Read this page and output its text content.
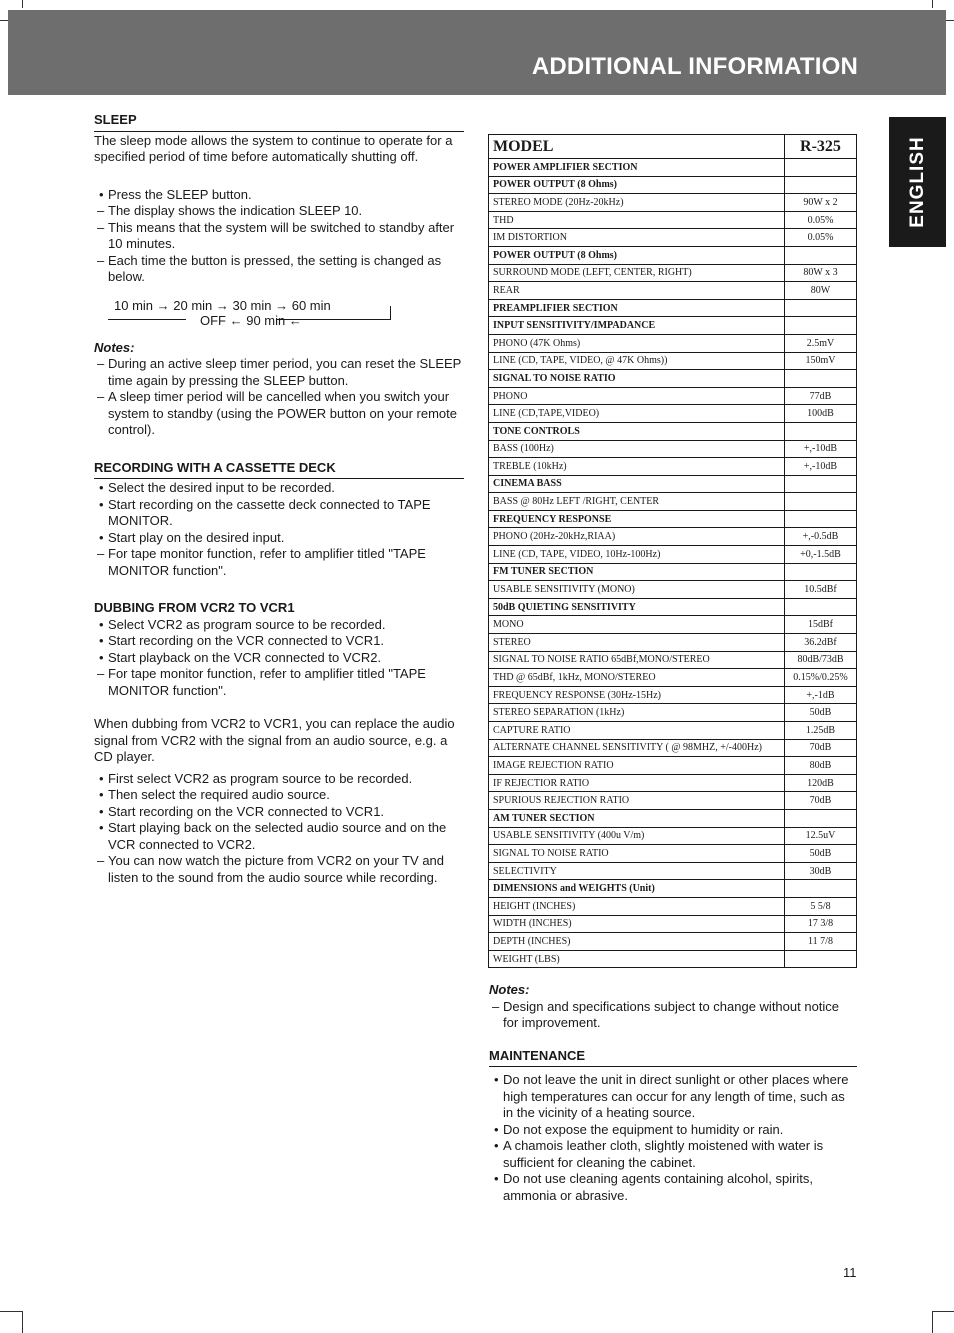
ADDITIONAL INFORMATION
ENGLISH
SLEEP

The sleep mode allows the system to continue to operate for a specified period of time before automatically shutting off.

• Press the SLEEP button.
– The display shows the indication SLEEP 10.
– This means that the system will be switched to standby after 10 minutes.
– Each time the button is pressed, the setting is changed as below.
10 min → 20 min → 30 min → 60 min
OFF ← 90 min ←
Notes:
– During an active sleep timer period, you can reset the SLEEP time again by pressing the SLEEP button.
– A sleep timer period will be cancelled when you switch your system to standby (using the POWER button on your remote control).
RECORDING WITH A CASSETTE DECK
• Select the desired input to be recorded.
• Start recording on the cassette deck connected to TAPE MONITOR.
• Start play on the desired input.
– For tape monitor function, refer to amplifier titled "TAPE MONITOR function".
DUBBING FROM VCR2 TO VCR1
• Select VCR2 as program source to be recorded.
• Start recording on the VCR connected to VCR1.
• Start playback on the VCR connected to VCR2.
– For tape monitor function, refer to amplifier titled "TAPE MONITOR function".

When dubbing from VCR2 to VCR1, you can replace the audio signal from VCR2 with the signal from an audio source, e.g. a CD player.

• First select VCR2 as program source to be recorded.
• Then select the required audio source.
• Start recording on the VCR connected to VCR1.
• Start playing back on the selected audio source and on the VCR connected to VCR2.
– You can now watch the picture from VCR2 on your TV and listen to the sound from the audio source while recording.
MODEL	R-325
POWER AMPLIFIER SECTION	
POWER OUTPUT (8 Ohms)	
STEREO MODE (20Hz-20kHz)	90W x 2
THD	0.05%
IM DISTORTION	0.05%
POWER OUTPUT (8 Ohms)	
SURROUND MODE (LEFT, CENTER, RIGHT)	80W x 3
REAR	80W
PREAMPLIFIER SECTION	
INPUT SENSITIVITY/IMPADANCE	
PHONO (47K Ohms)	2.5mV
LINE (CD, TAPE, VIDEO, @ 47K Ohms))	150mV
SIGNAL TO NOISE RATIO	
PHONO	77dB
LINE (CD,TAPE,VIDEO)	100dB
TONE CONTROLS	
BASS (100Hz)	+,-10dB
TREBLE (10kHz)	+,-10dB
CINEMA BASS	
BASS @ 80Hz LEFT /RIGHT, CENTER	
FREQUENCY RESPONSE	
PHONO (20Hz-20kHz,RIAA)	+,-0.5dB
LINE (CD, TAPE, VIDEO, 10Hz-100Hz)	+0,-1.5dB
FM TUNER SECTION	
USABLE SENSITIVITY (MONO)	10.5dBf
50dB QUIETING SENSITIVITY	
MONO	15dBf
STEREO	36.2dBf
SIGNAL TO NOISE RATIO 65dBf,MONO/STEREO	80dB/73dB
THD @ 65dBf, 1kHz, MONO/STEREO	0.15%/0.25%
FREQUENCY RESPONSE (30Hz-15Hz)	+,-1dB
STEREO SEPARATION (1kHz)	50dB
CAPTURE RATIO	1.25dB
ALTERNATE CHANNEL SENSITIVITY ( @ 98MHZ, +/-400Hz)	70dB
IMAGE REJECTION RATIO	80dB
IF REJECTIOR RATIO	120dB
SPURIOUS REJECTION RATIO	70dB
AM TUNER SECTION	
USABLE SENSITIVITY (400u V/m)	12.5uV
SIGNAL TO NOISE RATIO	50dB
SELECTIVITY	30dB
DIMENSIONS and WEIGHTS (Unit)	
HEIGHT (INCHES)	5 5/8
WIDTH (INCHES)	17 3/8
DEPTH (INCHES)	11 7/8
WEIGHT (LBS)	
Notes:
– Design and specifications subject to change without notice for improvement.
MAINTENANCE
• Do not leave the unit in direct sunlight or other places where high temperatures can occur for any length of time, such as in the vicinity of a heating source.
• Do not expose the equipment to humidity or rain.
• A chamois leather cloth, slightly moistened with water is sufficient for cleaning the cabinet.
• Do not use cleaning agents containing alcohol, spirits, ammonia or abrasive.
11
